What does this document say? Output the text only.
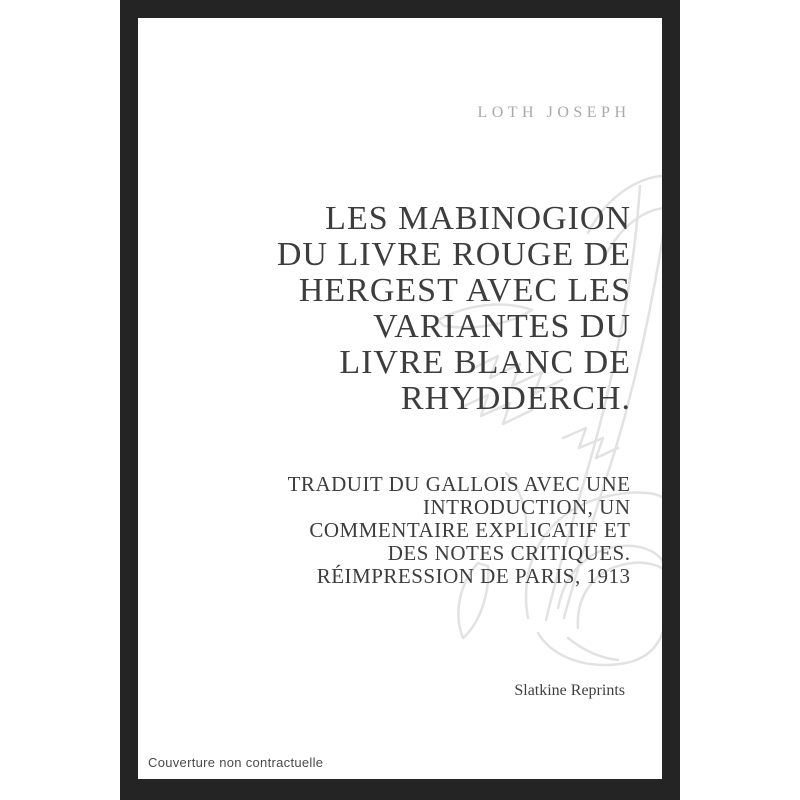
LOTH JOSEPH
LES MABINOGION
DU LIVRE ROUGE DE
HERGEST AVEC LES
VARIANTES DU
LIVRE BLANC DE
RHYDDERCH.
TRADUIT DU GALLOIS AVEC UNE
INTRODUCTION, UN
COMMENTAIRE EXPLICATIF ET
DES NOTES CRITIQUES.
RÉIMPRESSION DE PARIS, 1913
Slatkine Reprints
Couverture non contractuelle
